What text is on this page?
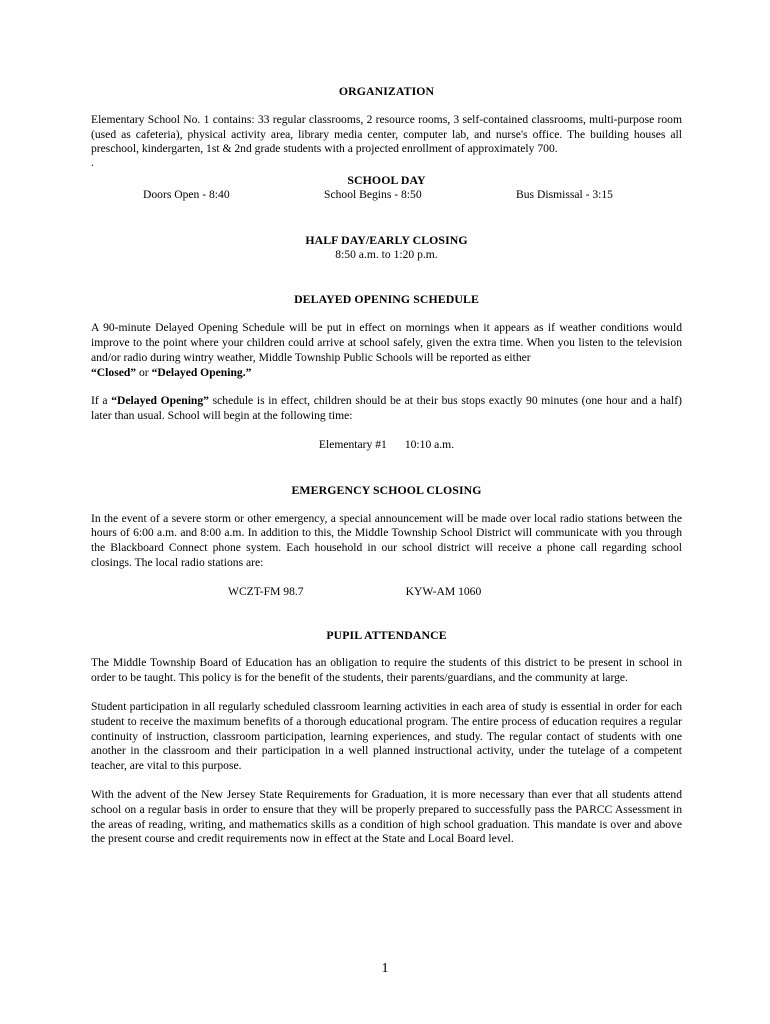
ORGANIZATION

Elementary School No. 1 contains: 33 regular classrooms, 2 resource rooms, 3 self-contained classrooms, multi-purpose room (used as cafeteria), physical activity area, library media center, computer lab, and nurse's office. The building houses all preschool, kindergarten, 1st & 2nd grade students with a projected enrollment of approximately 700.

.
SCHOOL DAY
Doors Open - 8:40	School Begins - 8:50	Bus Dismissal - 3:15
HALF DAY/EARLY CLOSING
8:50 a.m. to 1:20 p.m.
DELAYED OPENING SCHEDULE

A 90-minute Delayed Opening Schedule will be put in effect on mornings when it appears as if weather conditions would improve to the point where your children could arrive at school safely, given the extra time. When you listen to the television and/or radio during wintry weather, Middle Township Public Schools will be reported as either
“Closed” or “Delayed Opening.”

If a “Delayed Opening” schedule is in effect, children should be at their bus stops exactly 90 minutes (one hour and a half) later than usual. School will begin at the following time:

Elementary #1 10:10 a.m.
EMERGENCY SCHOOL CLOSING

In the event of a severe storm or other emergency, a special announcement will be made over local radio stations between the hours of 6:00 a.m. and 8:00 a.m. In addition to this, the Middle Township School District will communicate with you through the Blackboard Connect phone system. Each household in our school district will receive a phone call regarding school closings. The local radio stations are:

WCZT-FM 98.7	KYW-AM 1060
PUPIL ATTENDANCE

The Middle Township Board of Education has an obligation to require the students of this district to be present in school in order to be taught. This policy is for the benefit of the students, their parents/guardians, and the community at large.

Student participation in all regularly scheduled classroom learning activities in each area of study is essential in order for each student to receive the maximum benefits of a thorough educational program. The entire process of education requires a regular continuity of instruction, classroom participation, learning experiences, and study. The regular contact of students with one another in the classroom and their participation in a well planned instructional activity, under the tutelage of a competent teacher, are vital to this purpose.

With the advent of the New Jersey State Requirements for Graduation, it is more necessary than ever that all students attend school on a regular basis in order to ensure that they will be properly prepared to successfully pass the PARCC Assessment in the areas of reading, writing, and mathematics skills as a condition of high school graduation. This mandate is over and above the present course and credit requirements now in effect at the State and Local Board level.

1
